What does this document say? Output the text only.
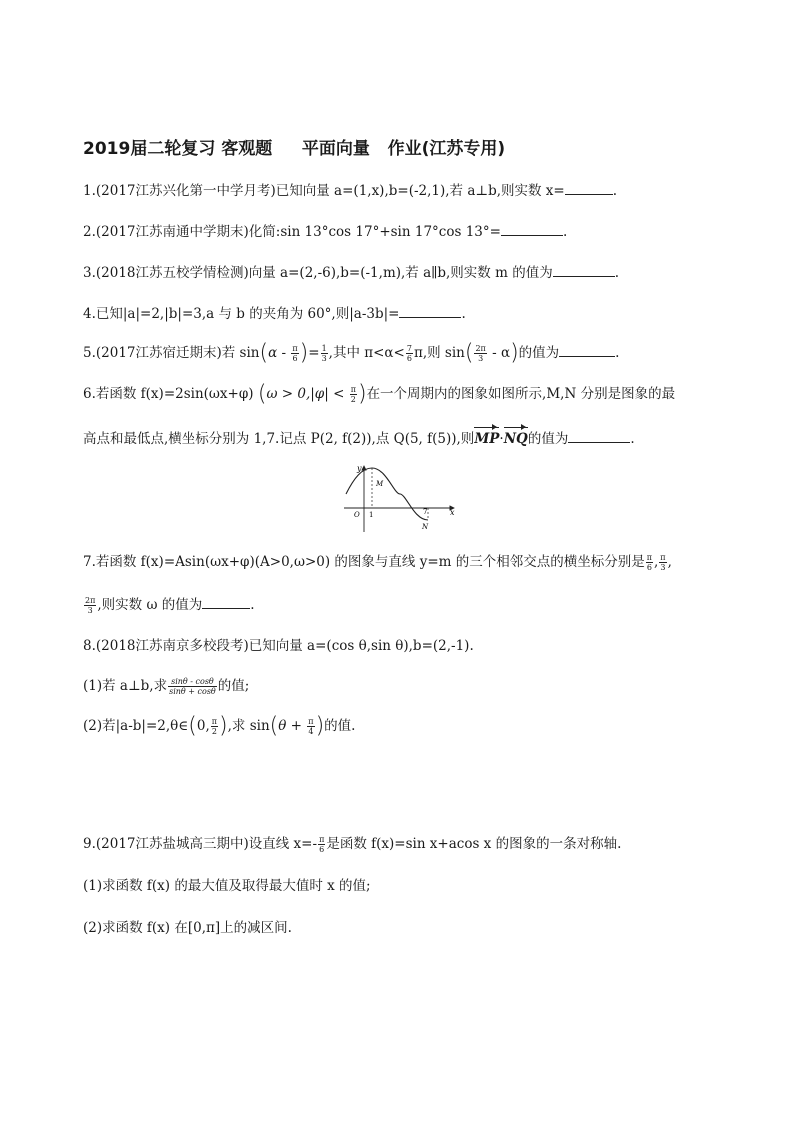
2019届二轮复习 客观题     平面向量   作业(江苏专用)
1.(2017江苏兴化第一中学月考)已知向量 a=(1,x),b=(-2,1),若 a⊥b,则实数 x=	.
2.(2017江苏南通中学期末)化简:sin 13°cos 17°+sin 17°cos 13°=	.
3.(2018江苏五校学情检测)向量 a=(2,-6),b=(-1,m),若 a∥b,则实数 m 的值为	.
4.已知|a|=2,|b|=3,a 与 b 的夹角为 60°,则|a-3b|=	.
5.(2017江苏宿迁期末)若 $\sin(\alpha - \frac{\pi}{6}$ )= $\frac{1}{3}$ ,其中 $\pi<\alpha< \frac{7}{6} \pi$,则 $\sin( \frac{2\pi}{3} - \alpha)$的值为	.
6.若函数 f(x)=2sin(ωx+φ) ($\omega > 0,|\varphi| < \frac{\pi}{2}$ )在一个周期内的图象如图所示,M,N 分别是图象的最
高点和最低点,横坐标分别为 1,7.记点 P(2, f(2)),点 Q(5, f(5)),则MP·NQ的值为	.
y
x
O
M
N
1	7
7.若函数 f(x)=Asin(ωx+φ)(A>0,ω>0) 的图象与直线 y=m 的三个相邻交点的横坐标分别是 $\frac{\pi}{6}$ , $\frac{\pi}{3}$ ,
$\frac{2\pi}{3}$ ,则实数 ω 的值为	.
8.(2018江苏南京多校段考)已知向量 a=(cos θ,sin θ),b=(2,-1).
(1)若 a⊥b,求 $\frac{\sin\theta - \cos\theta}{\sin\theta + \cos\theta}$ 的值;
(2)若|a-b|=2,θ∈(0, $\frac{\pi}{2}$ ),求 $\sin(\theta + \frac{\pi}{4}$ )的值.
9.(2017江苏盐城高三期中)设直线 $x=- \frac{\pi}{6}$ 是函数 f(x)=sin x+acos x 的图象的一条对称轴.
(1)求函数 f(x) 的最大值及取得最大值时 x 的值;
(2)求函数 f(x) 在[0,π]上的减区间.
